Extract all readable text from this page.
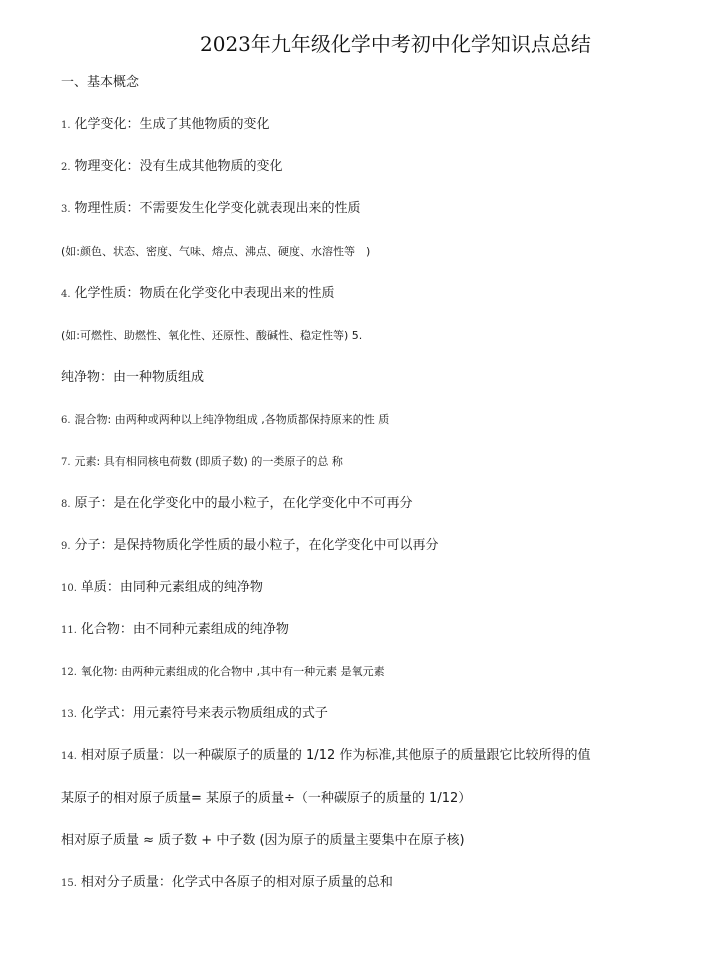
2023年九年级化学中考初中化学知识点总结
一、基本概念
1. 化学变化：生成了其他物质的变化
2. 物理变化：没有生成其他物质的变化
3. 物理性质：不需要发生化学变化就表现出来的性质
(如:颜色、状态、密度、气味、熔点、沸点、硬度、水溶性等　)
4. 化学性质：物质在化学变化中表现出来的性质
(如:可燃性、助燃性、氧化性、还原性、酸碱性、稳定性等) 5.
纯净物：由一种物质组成
6. 混合物: 由两种或两种以上纯净物组成 ,各物质都保持原来的性 质
7. 元素: 具有相同核电荷数 (即质子数) 的一类原子的总 称
8. 原子：是在化学变化中的最小粒子，在化学变化中不可再分
9. 分子：是保持物质化学性质的最小粒子，在化学变化中可以再分
10. 单质：由同种元素组成的纯净物
11. 化合物：由不同种元素组成的纯净物
12. 氧化物: 由两种元素组成的化合物中 ,其中有一种元素 是氧元素
13. 化学式：用元素符号来表示物质组成的式子
14. 相对原子质量：以一种碳原子的质量的 1/12 作为标准,其他原子的质量跟它比较所得的值
某原子的相对原子质量= 某原子的质量÷（一种碳原子的质量的 1/12）
相对原子质量 ≈ 质子数 + 中子数 (因为原子的质量主要集中在原子核)
15. 相对分子质量：化学式中各原子的相对原子质量的总和
